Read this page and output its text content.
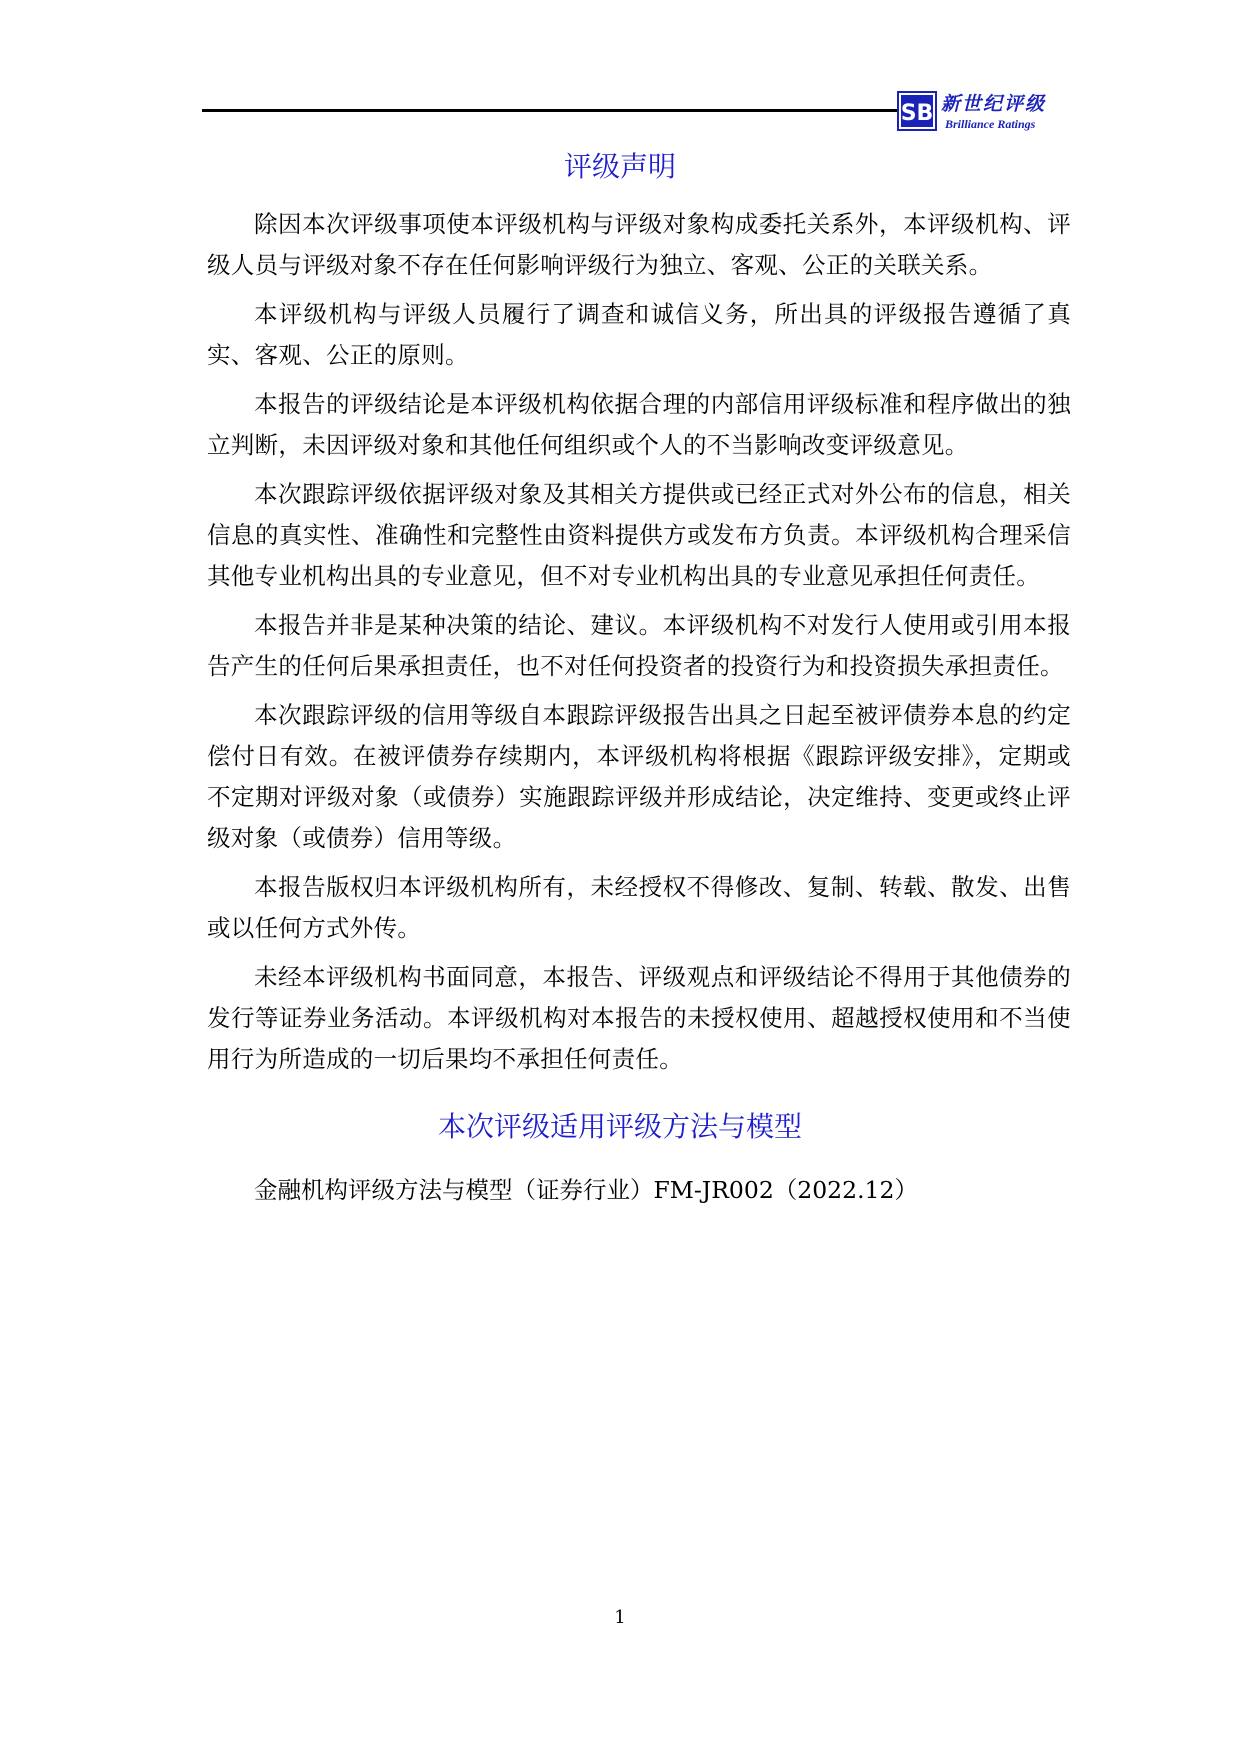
SB 新世纪评级
Brilliance Ratings
评级声明

除因本次评级事项使本评级机构与评级对象构成委托关系外，本评级机构、评级人员与评级对象不存在任何影响评级行为独立、客观、公正的关联关系。

本评级机构与评级人员履行了调查和诚信义务，所出具的评级报告遵循了真实、客观、公正的原则。

本报告的评级结论是本评级机构依据合理的内部信用评级标准和程序做出的独立判断，未因评级对象和其他任何组织或个人的不当影响改变评级意见。

本次跟踪评级依据评级对象及其相关方提供或已经正式对外公布的信息，相关信息的真实性、准确性和完整性由资料提供方或发布方负责。本评级机构合理采信其他专业机构出具的专业意见，但不对专业机构出具的专业意见承担任何责任。

本报告并非是某种决策的结论、建议。本评级机构不对发行人使用或引用本报告产生的任何后果承担责任，也不对任何投资者的投资行为和投资损失承担责任。

本次跟踪评级的信用等级自本跟踪评级报告出具之日起至被评债券本息的约定偿付日有效。在被评债券存续期内，本评级机构将根据《跟踪评级安排》，定期或不定期对评级对象（或债券）实施跟踪评级并形成结论，决定维持、变更或终止评级对象（或债券）信用等级。

本报告版权归本评级机构所有，未经授权不得修改、复制、转载、散发、出售或以任何方式外传。

未经本评级机构书面同意，本报告、评级观点和评级结论不得用于其他债券的发行等证券业务活动。本评级机构对本报告的未授权使用、超越授权使用和不当使用行为所造成的一切后果均不承担任何责任。

本次评级适用评级方法与模型
金融机构评级方法与模型（证券行业）FM-JR002（2022.12）
1
